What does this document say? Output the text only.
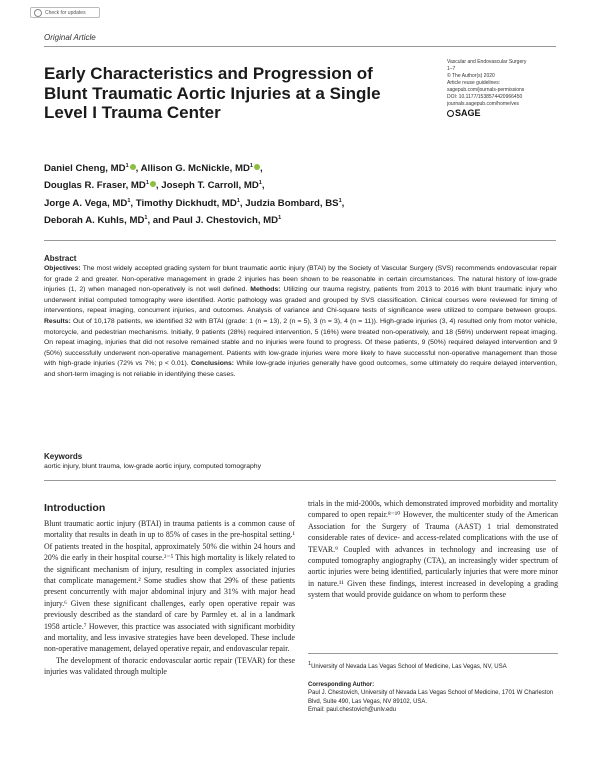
Check for updates
Original Article
Early Characteristics and Progression of Blunt Traumatic Aortic Injuries at a Single Level I Trauma Center
Vascular and Endovascular Surgery
1–7
© The Author(s) 2020
Article reuse guidelines:
sagepub.com/journals-permissions
DOI: 10.1177/1538574420966450
journals.sagepub.com/home/ves
SAGE
Daniel Cheng, $MD^1$ , Allison G. McNickle, $MD^1$ ,
Douglas R. Fraser, $MD^1$ , Joseph T. Carroll, $MD^1$,
Jorge A. Vega, $MD^1$, Timothy Dickhudt, $MD^1$, Judzia Bombard, $BS^1$,
Deborah A. Kuhls, $MD^1$, and Paul J. Chestovich, $MD^1$
Abstract
Objectives: The most widely accepted grading system for blunt traumatic aortic injury (BTAI) by the Society of Vascular Surgery (SVS) recommends endovascular repair for grade 2 and greater. Non-operative management in grade 2 injuries has been shown to be reasonable in certain circumstances. The natural history of low-grade injuries (1, 2) when managed non-operatively is not well defined. Methods: Utilizing our trauma registry, patients from 2013 to 2016 with blunt traumatic injury who underwent initial computed tomography were identified. Aortic pathology was graded and grouped by SVS classification. Clinical courses were reviewed for timing of interventions, repeat imaging, concurrent injuries, and outcomes. Analysis of variance and Chi-square tests of significance were utilized to compare between groups. Results: Out of 10,178 patients, we identified 32 with BTAI (grade: 1 (n = 13), 2 (n = 5), 3 (n = 3), 4 (n = 11)). High-grade injuries (3, 4) resulted only from motor vehicle, motorcycle, and pedestrian mechanisms. Initially, 9 patients (28%) required intervention, 5 (16%) were treated non-operatively, and 18 (56%) underwent repeat imaging. On repeat imaging, injuries that did not resolve remained stable and no injuries were found to progress. Of these patients, 9 (50%) required delayed intervention and 9 (50%) successfully underwent non-operative management. Patients with low-grade injuries were more likely to have successful non-operative management than those with high-grade injuries (72% vs 7%; p < 0.01). Conclusions: While low-grade injuries generally have good outcomes, some ultimately do require delayed intervention, and short-term imaging is not reliable in identifying these cases.
Keywords
aortic injury, blunt trauma, low-grade aortic injury, computed tomography
Introduction

Blunt traumatic aortic injury (BTAI) in trauma patients is a common cause of mortality that results in death in up to 85% of cases in the pre-hospital setting.¹ Of patients treated in the hospital, approximately 50% die within 24 hours and 20% die early in their hospital course.²⁻⁵ This high mortality is likely related to the significant mechanism of injury, resulting in complex associated injuries that complicate management.² Some studies show that 29% of these patients present concurrently with major abdominal injury and 31% with major head injury.⁶ Given these significant challenges, early open operative repair was previously described as the standard of care by Parmley et. al in a landmark 1958 article.⁷ However, this practice was associated with significant morbidity and mortality, and less invasive strategies have been developed. These include non-operative management, delayed operative repair, and endovascular repair.

The development of thoracic endovascular aortic repair (TEVAR) for these injuries was validated through multiple

trials in the mid-2000s, which demonstrated improved morbidity and mortality compared to open repair.⁸⁻¹⁰ However, the multicenter study of the American Association for the Surgery of Trauma (AAST) 1 trial demonstrated considerable rates of device- and access-related complications with the use of TEVAR.⁹ Coupled with advances in technology and increasing use of computed tomography angiography (CTA), an increasingly wider spectrum of aortic injuries were being identified, particularly injuries that were more minor in nature.¹¹ Given these findings, interest increased in developing a grading system that would provide guidance on whom to perform these

$^1$University of Nevada Las Vegas School of Medicine, Las Vegas, NV, USA
Corresponding Author:
Paul J. Chestovich, University of Nevada Las Vegas School of Medicine, 1701 W Charleston Blvd, Suite 490, Las Vegas, NV 89102, USA.
Email: paul.chestovich@unlv.edu
